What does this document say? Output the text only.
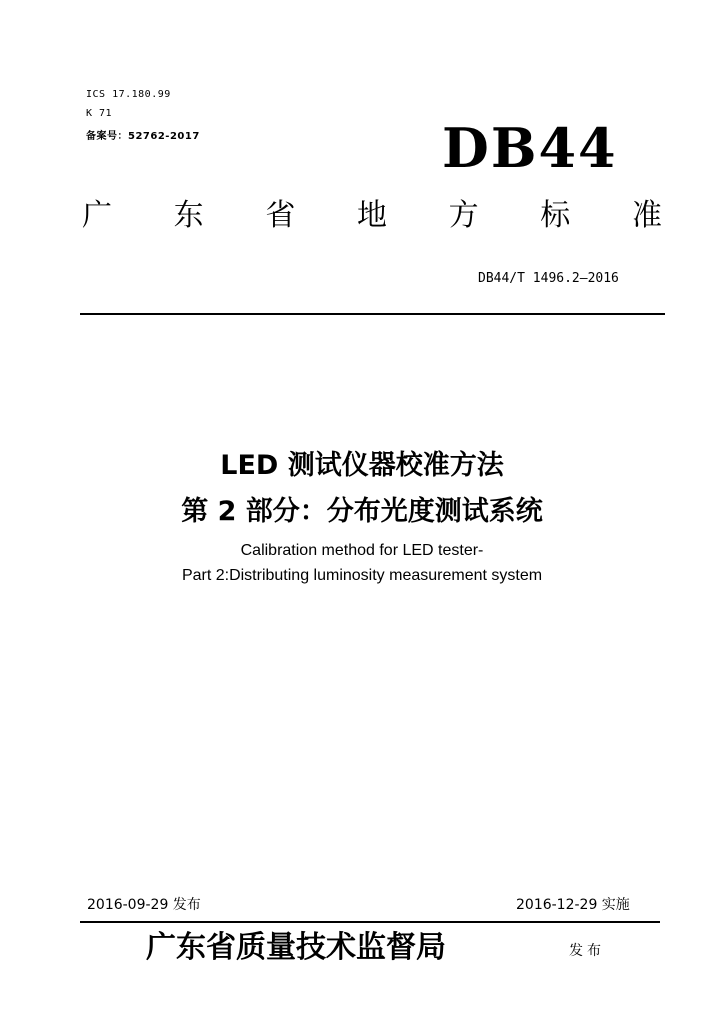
ICS 17.180.99
K 71
备案号：52762-2017	DB44
广 东 省 地 方 标 准
DB44/T 1496.2—2016
LED 测试仪器校准方法
第 2 部分：分布光度测试系统
Calibration method for LED tester-
Part 2:Distributing luminosity measurement system
2016-09-29 发布	2016-12-29 实施
广东省质量技术监督局	发布
